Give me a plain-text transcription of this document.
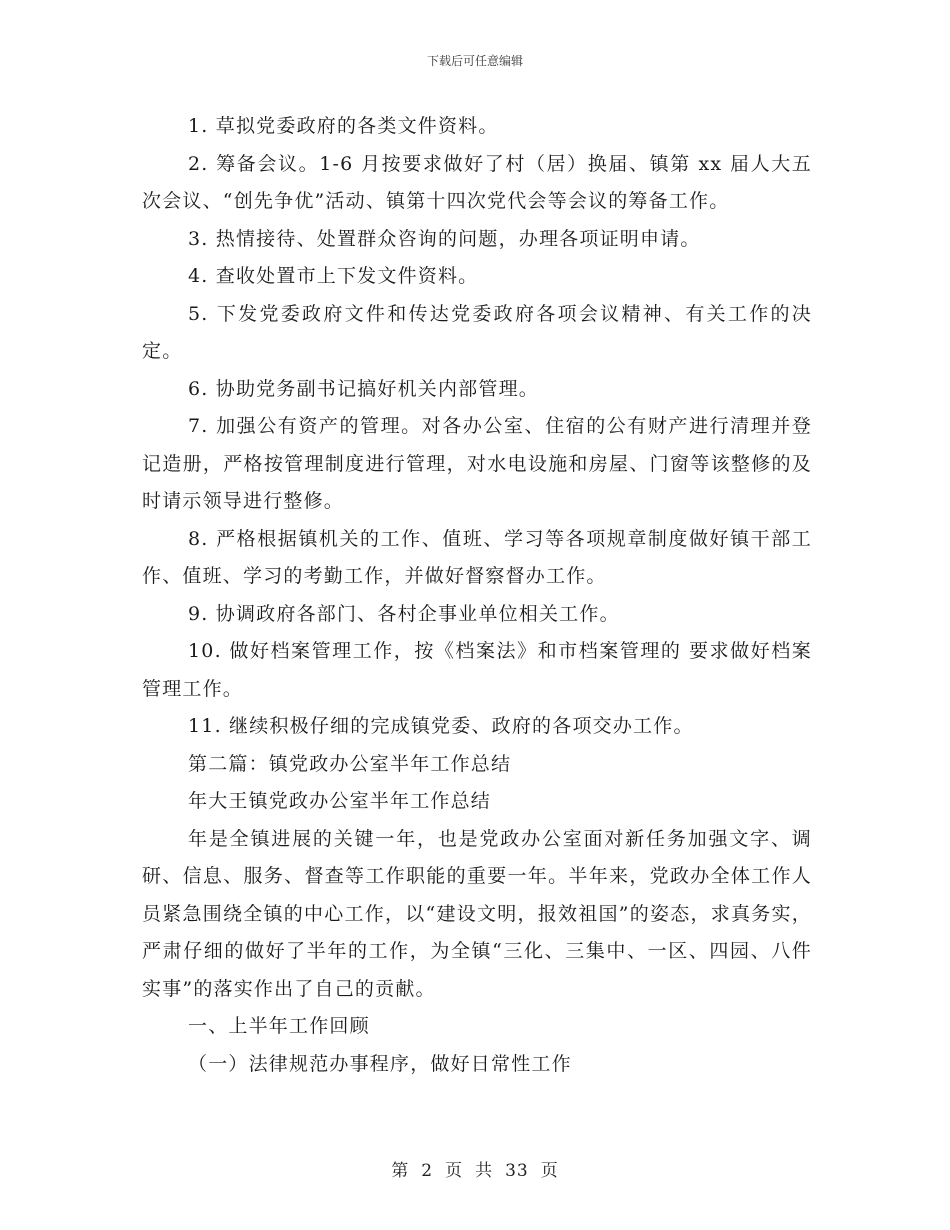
下载后可任意编辑

1. 草拟党委政府的各类文件资料。

2. 筹备会议。1-6 月按要求做好了村（居）换届、镇第 xx 届人大五次会议、“创先争优”活动、镇第十四次党代会等会议的筹备工作。

3. 热情接待、处置群众咨询的问题，办理各项证明申请。

4. 查收处置市上下发文件资料。

5. 下发党委政府文件和传达党委政府各项会议精神、有关工作的决定。

6. 协助党务副书记搞好机关内部管理。

7. 加强公有资产的管理。对各办公室、住宿的公有财产进行清理并登记造册，严格按管理制度进行管理，对水电设施和房屋、门窗等该整修的及时请示领导进行整修。

8. 严格根据镇机关的工作、值班、学习等各项规章制度做好镇干部工作、值班、学习的考勤工作，并做好督察督办工作。

9. 协调政府各部门、各村企事业单位相关工作。

10. 做好档案管理工作，按《档案法》和市档案管理的 要求做好档案管理工作。

11. 继续积极仔细的完成镇党委、政府的各项交办工作。

第二篇：镇党政办公室半年工作总结

年大王镇党政办公室半年工作总结

年是全镇进展的关键一年，也是党政办公室面对新任务加强文字、调研、信息、服务、督查等工作职能的重要一年。半年来，党政办全体工作人员紧急围绕全镇的中心工作，以“建设文明，报效祖国”的姿态，求真务实，严肃仔细的做好了半年的工作，为全镇“三化、三集中、一区、四园、八件实事”的落实作出了自己的贡献。

一、上半年工作回顾

（一）法律规范办事程序，做好日常性工作

第 2 页 共 33 页
